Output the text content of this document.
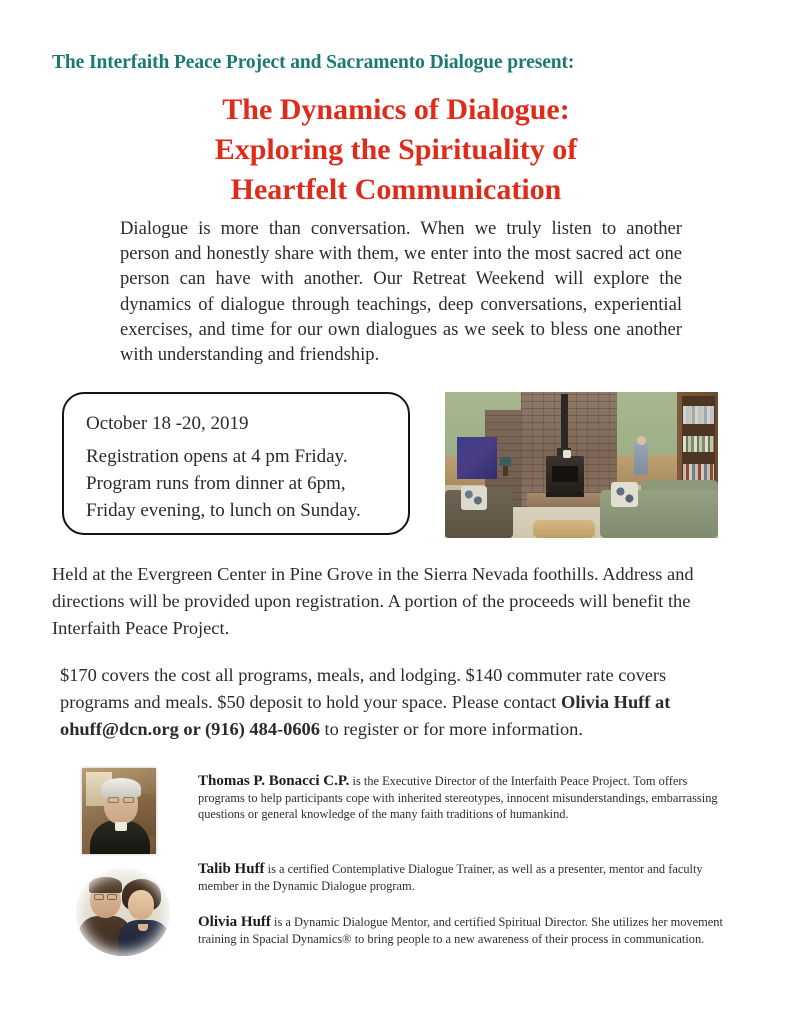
The Interfaith Peace Project and Sacramento Dialogue present:
The Dynamics of Dialogue:
Exploring the Spirituality of
Heartfelt Communication
Dialogue is more than conversation. When we truly listen to another person and honestly share with them, we enter into the most sacred act one person can have with another. Our Retreat Weekend will explore the dynamics of dialogue through teachings, deep conversations, experiential exercises, and time for our own dialogues as we seek to bless one another with understanding and friendship.
October 18 -20, 2019
Registration opens at 4 pm Friday.
Program runs from dinner at 6pm,
Friday evening, to lunch on Sunday.
Held at the Evergreen Center in Pine Grove in the Sierra Nevada foothills. Address and directions will be provided upon registration. A portion of the proceeds will benefit the Interfaith Peace Project.
$170 covers the cost all programs, meals, and lodging. $140 commuter rate covers programs and meals. $50 deposit to hold your space. Please contact Olivia Huff at ohuff@dcn.org or (916) 484-0606 to register or for more information.
Thomas P. Bonacci C.P. is the Executive Director of the Interfaith Peace Project. Tom offers programs to help participants cope with inherited stereotypes, innocent misunderstandings, embarrassing questions or general knowledge of the many faith traditions of humankind.
Talib Huff is a certified Contemplative Dialogue Trainer, as well as a presenter, mentor and faculty member in the Dynamic Dialogue program.
Olivia Huff is a Dynamic Dialogue Mentor, and certified Spiritual Director. She utilizes her movement training in Spacial Dynamics® to bring people to a new awareness of their process in communication.
